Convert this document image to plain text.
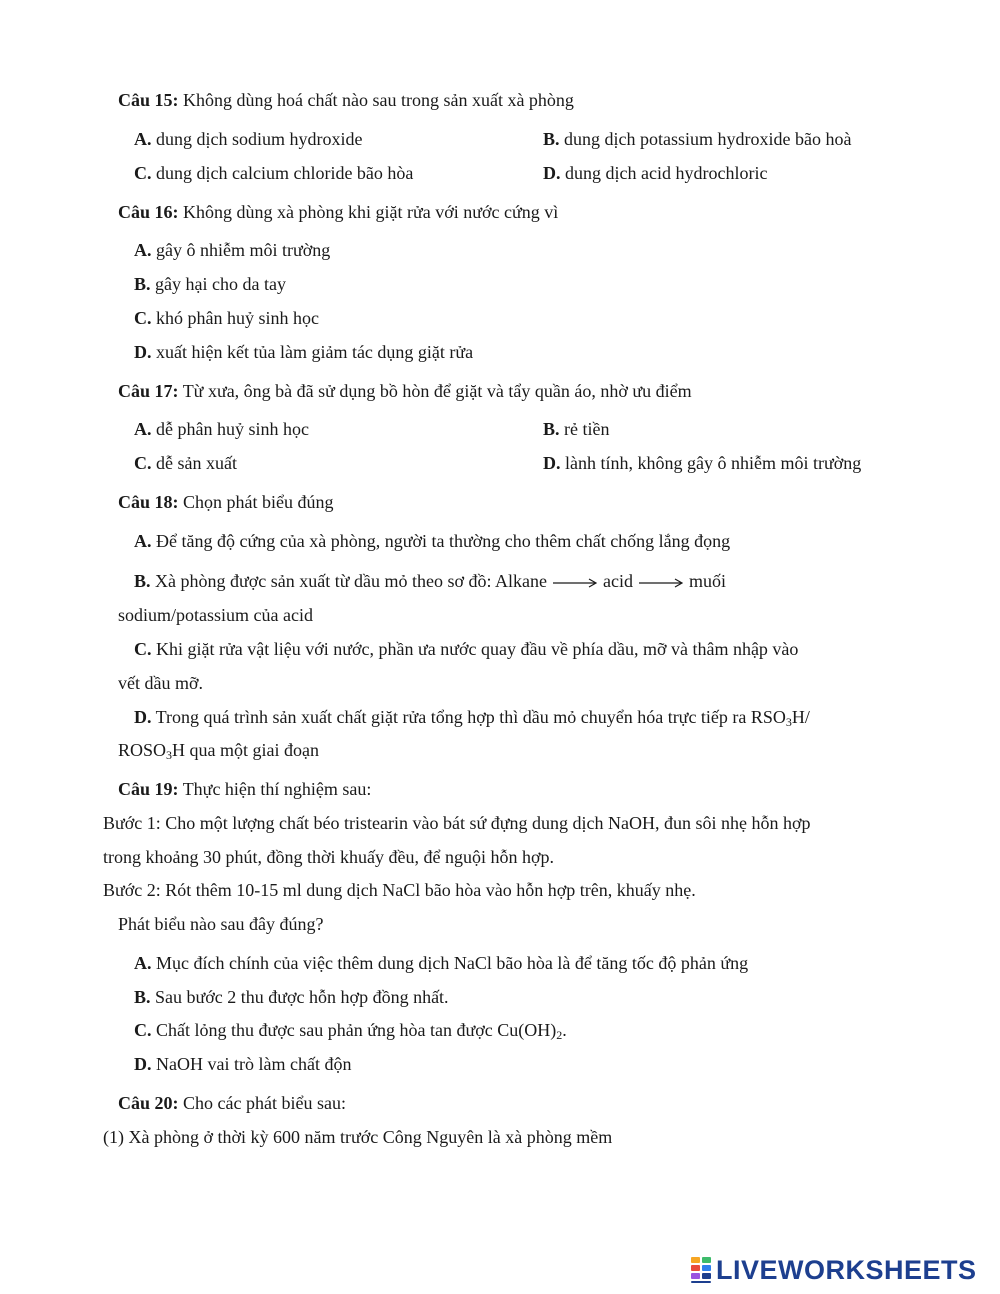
Câu 15: Không dùng hoá chất nào sau trong sản xuất xà phòng
A. dung dịch sodium hydroxide	B. dung dịch potassium hydroxide bão hoà
C. dung dịch calcium chloride bão hòa	D. dung dịch acid hydrochloric
Câu 16: Không dùng xà phòng khi giặt rửa với nước cứng vì
A. gây ô nhiễm môi trường
B. gây hại cho da tay
C. khó phân huỷ sinh học
D. xuất hiện kết tủa làm giảm tác dụng giặt rửa
Câu 17: Từ xưa, ông bà đã sử dụng bồ hòn để giặt và tẩy quần áo, nhờ ưu điểm
A. dễ phân huỷ sinh học	B. rẻ tiền
C. dễ sản xuất	D. lành tính, không gây ô nhiễm môi trường
Câu 18: Chọn phát biểu đúng
A. Để tăng độ cứng của xà phòng, người ta thường cho thêm chất chống lắng đọng
B. Xà phòng được sản xuất từ dầu mỏ theo sơ đồ: Alkane	acid	muối
sodium/potassium của acid
C. Khi giặt rửa vật liệu với nước, phần ưa nước quay đầu về phía dầu, mỡ và thâm nhập vào
vết dầu mỡ.
D. Trong quá trình sản xuất chất giặt rửa tổng hợp thì dầu mỏ chuyển hóa trực tiếp ra $RSO_3H/$
$ROSO_3H$ qua một giai đoạn
Câu 19: Thực hiện thí nghiệm sau:
Bước 1: Cho một lượng chất béo tristearin vào bát sứ đựng dung dịch NaOH, đun sôi nhẹ hỗn hợp
trong khoảng 30 phút, đồng thời khuấy đều, để nguội hỗn hợp.
Bước 2: Rót thêm 10-15 ml dung dịch NaCl bão hòa vào hỗn hợp trên, khuấy nhẹ.
Phát biểu nào sau đây đúng?
A. Mục đích chính của việc thêm dung dịch NaCl bão hòa là để tăng tốc độ phản ứng
B. Sau bước 2 thu được hỗn hợp đồng nhất.
C. Chất lỏng thu được sau phản ứng hòa tan được $Cu(OH)_2$.
D. NaOH vai trò làm chất độn
Câu 20: Cho các phát biểu sau:
(1) Xà phòng ở thời kỳ 600 năm trước Công Nguyên là xà phòng mềm
LIVEWORKSHEETS
